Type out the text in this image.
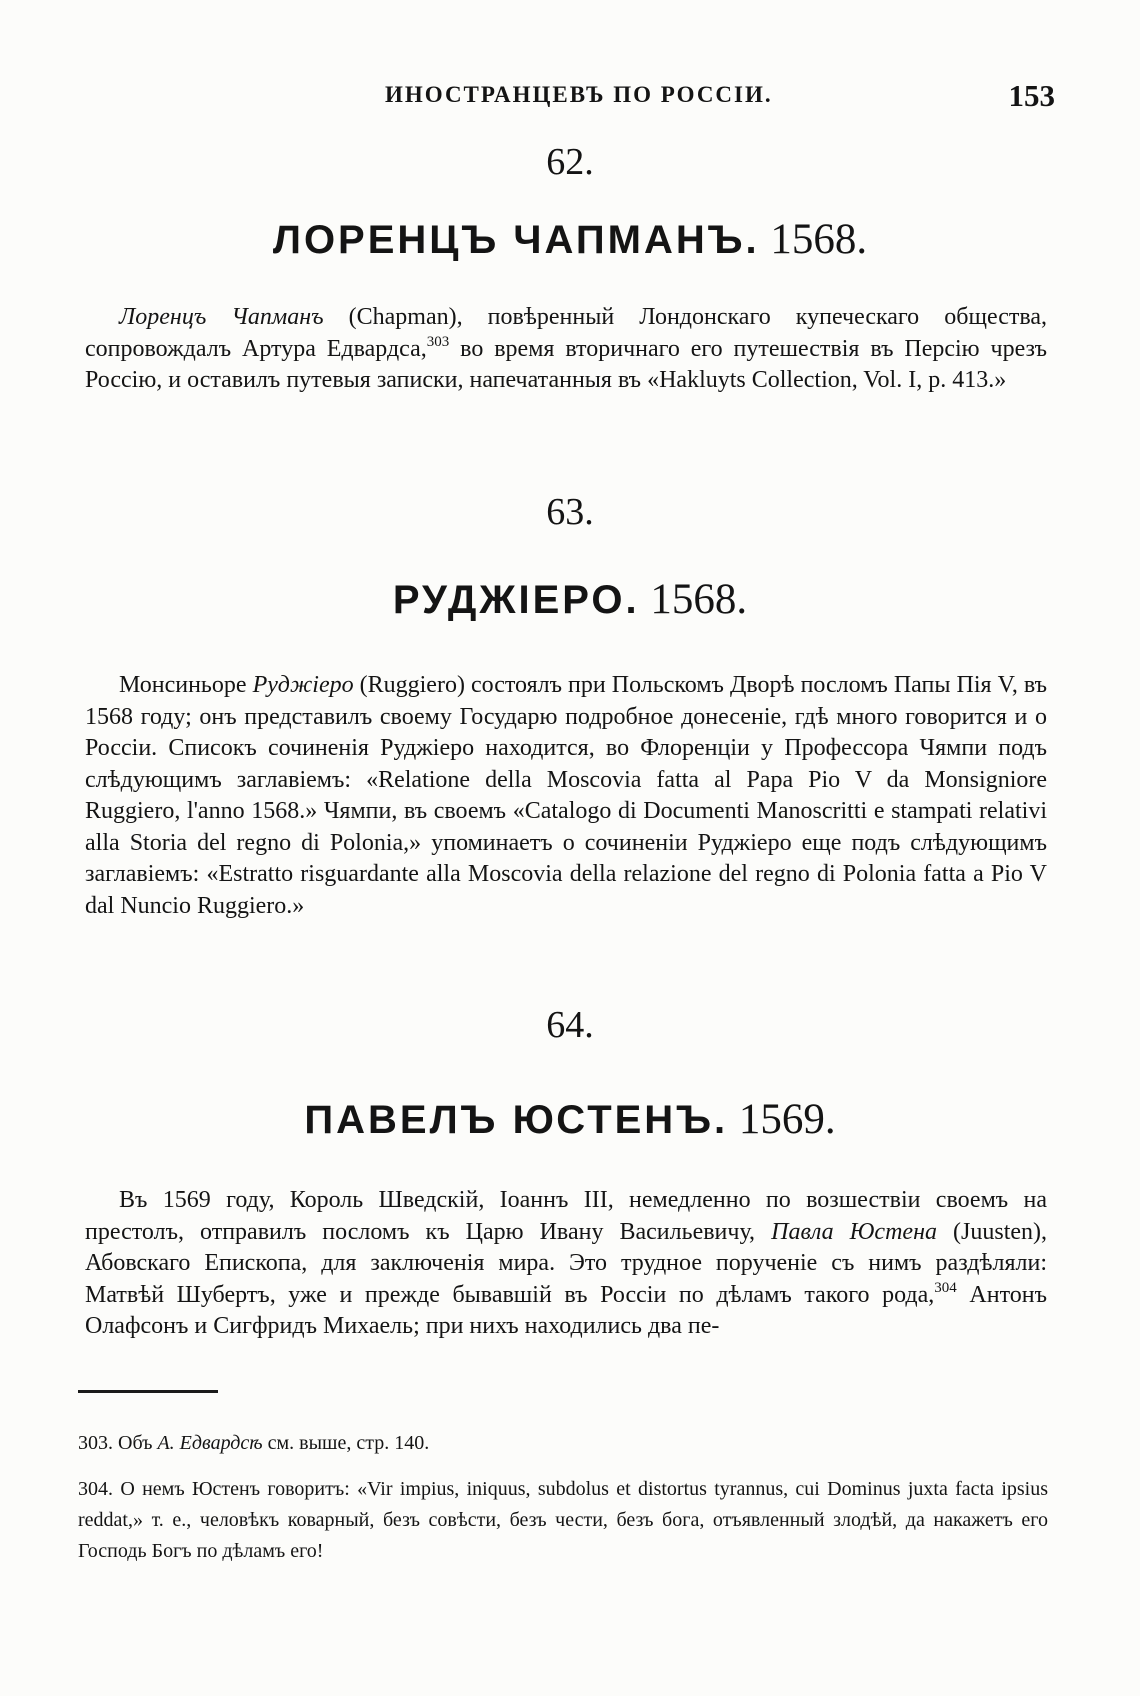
ИНОСТРАНЦЕВЪ ПО РОССІИ.	153
62.
ЛОРЕНЦЪ ЧАПМАНЪ. 1568.

Лоренцъ Чапманъ (Chapman), повѣренный Лондонскаго купеческаго общества, сопровождалъ Артура Едвардса,$^{303}$ во время вторичнаго его путешествія въ Персію чрезъ Россію, и оставилъ путевыя записки, напечатанныя въ «Hakluyts Collection, Vol. I, p. 413.»

63.
РУДЖІЕРО. 1568.

Монсиньоре Руджіеро (Ruggiero) состоялъ при Польскомъ Дворѣ посломъ Папы Пія V, въ 1568 году; онъ представилъ своему Государю подробное донесеніе, гдѣ много говорится и о Россіи. Списокъ сочиненія Руджіеро находится, во Флоренціи у Профессора Чямпи подъ слѣдующимъ заглавіемъ: «Relatione della Moscovia fatta al Papa Pio V da Monsigniore Ruggiero, l'anno 1568.» Чямпи, въ своемъ «Catalogo di Documenti Manoscritti e stampati relativi alla Storia del regno di Polonia,» упоминаетъ о сочиненіи Руджіеро еще подъ слѣдующимъ заглавіемъ: «Estratto risguardante alla Moscovia della relazione del regno di Polonia fatta a Pio V dal Nuncio Ruggiero.»

64.
ПАВЕЛЪ ЮСТЕНЪ. 1569.

Въ 1569 году, Король Шведскій, Іоаннъ III, немедленно по возшествіи своемъ на престолъ, отправилъ посломъ къ Царю Ивану Васильевичу, Павла Юстена (Juusten), Абовскаго Епископа, для заключенія мира. Это трудное порученіе съ нимъ раздѣляли: Матвѣй Шубертъ, уже и прежде бывавшій въ Россіи по дѣламъ такого рода,$^{304}$ Антонъ Олафсонъ и Сигфридъ Михаель; при нихъ находились два пе-

303. Объ А. Едвардсѣ см. выше, стр. 140.

304. О немъ Юстенъ говоритъ: «Vir impius, iniquus, subdolus et distortus tyrannus, cui Dominus juxta facta ipsius reddat,» т. е., человѣкъ коварный, безъ совѣсти, безъ чести, безъ бога, отъявленный злодѣй, да накажетъ его Господь Богъ по дѣламъ его!
